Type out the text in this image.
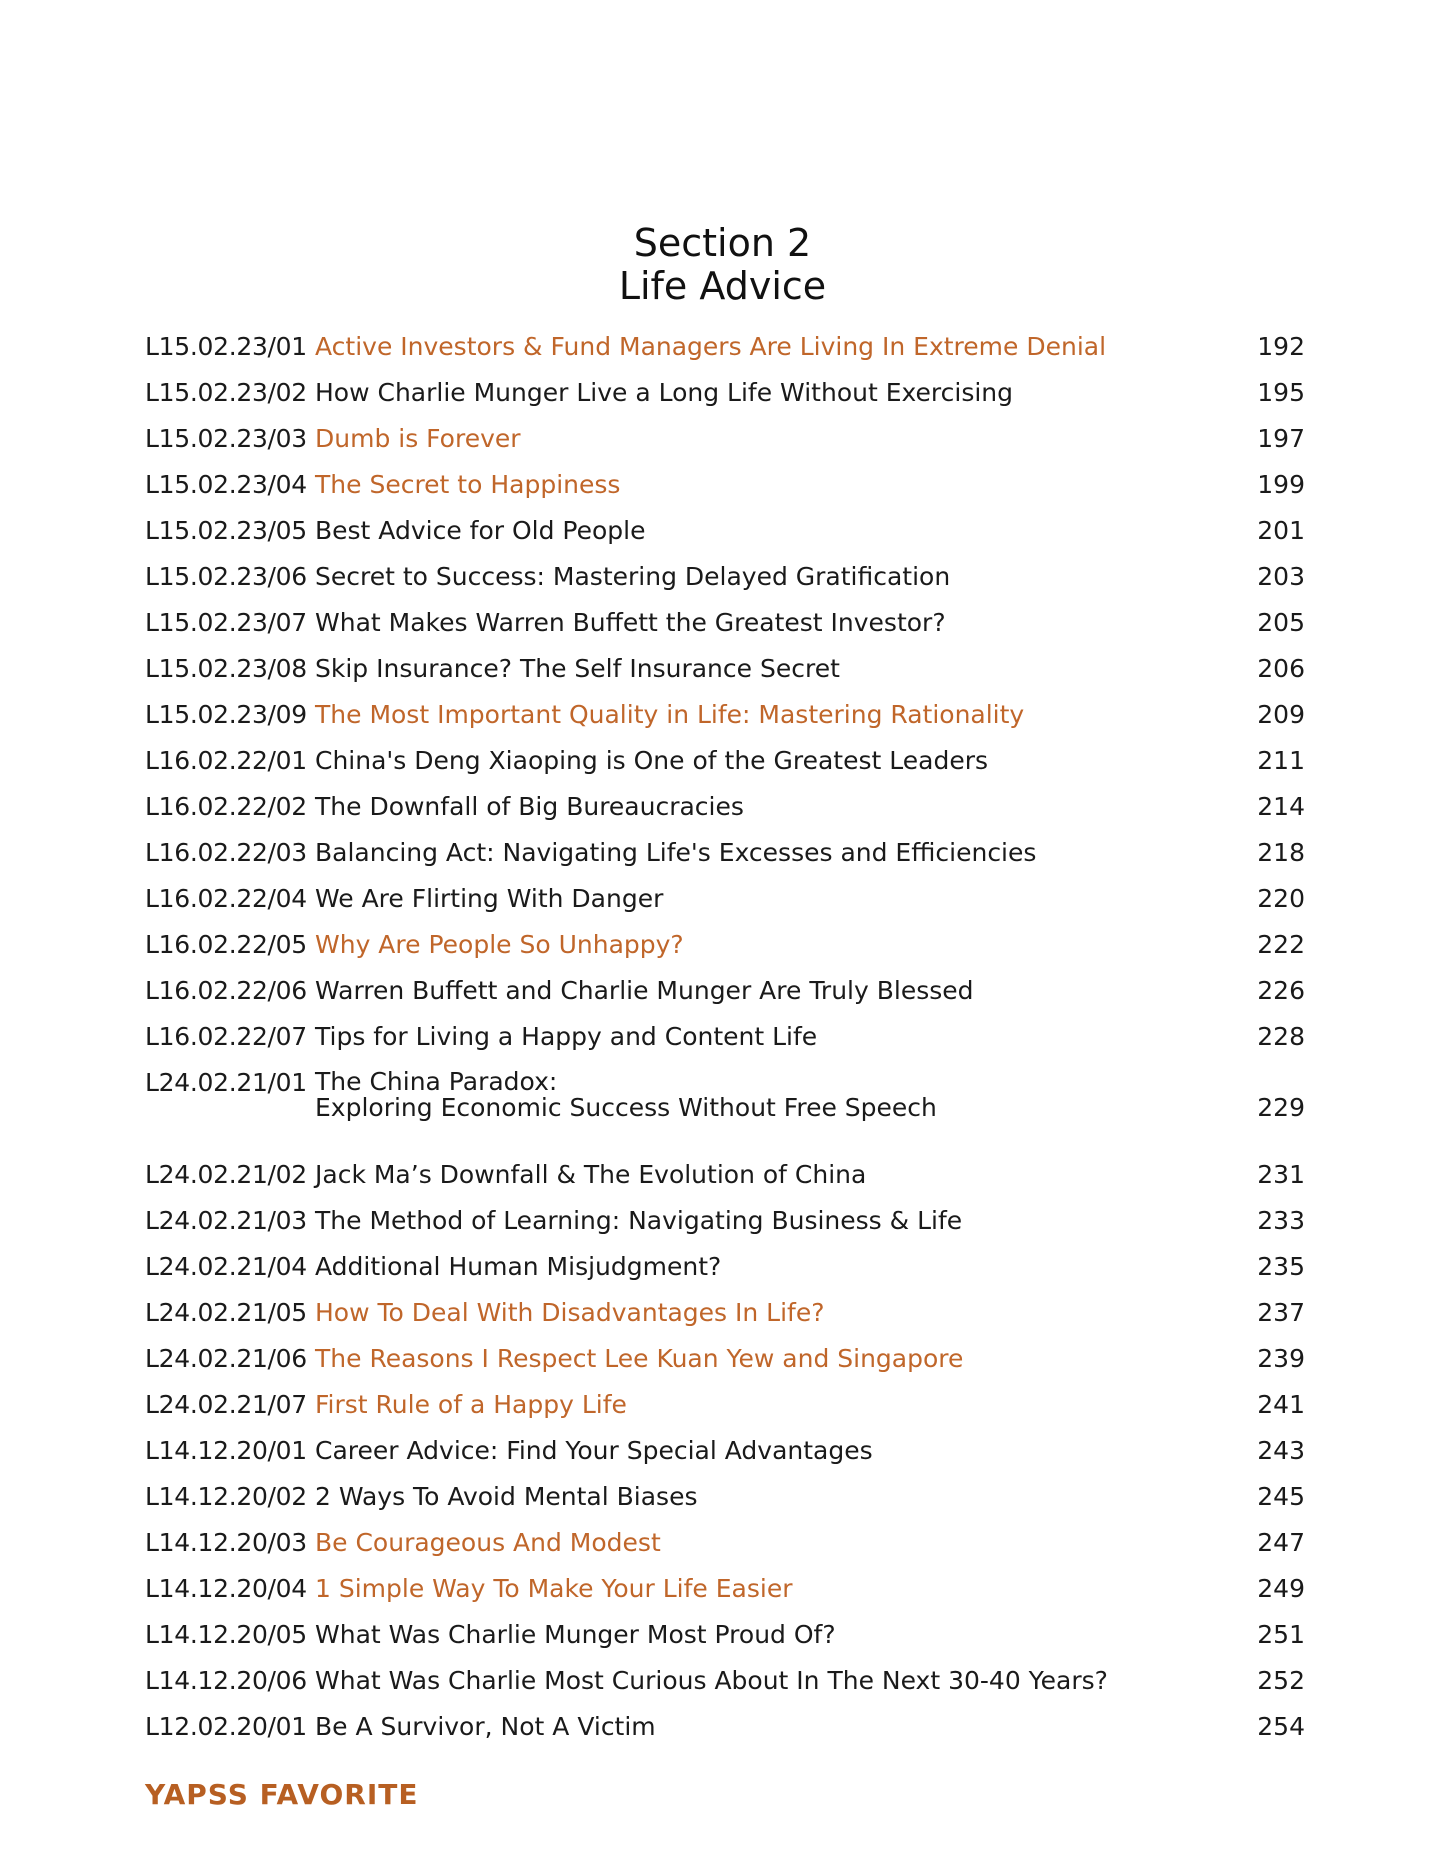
Section 2
Life Advice
L15.02.23/01 Active Investors & Fund Managers Are Living In Extreme Denial	192
L15.02.23/02 How Charlie Munger Live a Long Life Without Exercising	195
L15.02.23/03 Dumb is Forever	197
L15.02.23/04 The Secret to Happiness	199
L15.02.23/05 Best Advice for Old People	201
L15.02.23/06 Secret to Success: Mastering Delayed Gratification	203
L15.02.23/07 What Makes Warren Buffett the Greatest Investor?	205
L15.02.23/08 Skip Insurance? The Self Insurance Secret	206
L15.02.23/09 The Most Important Quality in Life: Mastering Rationality	209
L16.02.22/01 China's Deng Xiaoping is One of the Greatest Leaders	211
L16.02.22/02 The Downfall of Big Bureaucracies	214
L16.02.22/03 Balancing Act: Navigating Life's Excesses and Efficiencies	218
L16.02.22/04 We Are Flirting With Danger	220
L16.02.22/05 Why Are People So Unhappy?	222
L16.02.22/06 Warren Buffett and Charlie Munger Are Truly Blessed	226
L16.02.22/07 Tips for Living a Happy and Content Life	228
L24.02.21/01 The China Paradox:
Exploring Economic Success Without Free Speech	229
L24.02.21/02 Jack Ma’s Downfall & The Evolution of China	231
L24.02.21/03 The Method of Learning: Navigating Business & Life	233
L24.02.21/04 Additional Human Misjudgment?	235
L24.02.21/05 How To Deal With Disadvantages In Life?	237
L24.02.21/06 The Reasons I Respect Lee Kuan Yew and Singapore	239
L24.02.21/07 First Rule of a Happy Life	241
L14.12.20/01 Career Advice: Find Your Special Advantages	243
L14.12.20/02 2 Ways To Avoid Mental Biases	245
L14.12.20/03 Be Courageous And Modest	247
L14.12.20/04 1 Simple Way To Make Your Life Easier	249
L14.12.20/05 What Was Charlie Munger Most Proud Of?	251
L14.12.20/06 What Was Charlie Most Curious About In The Next 30-40 Years?	252
L12.02.20/01 Be A Survivor, Not A Victim	254
YAPSS FAVORITE
